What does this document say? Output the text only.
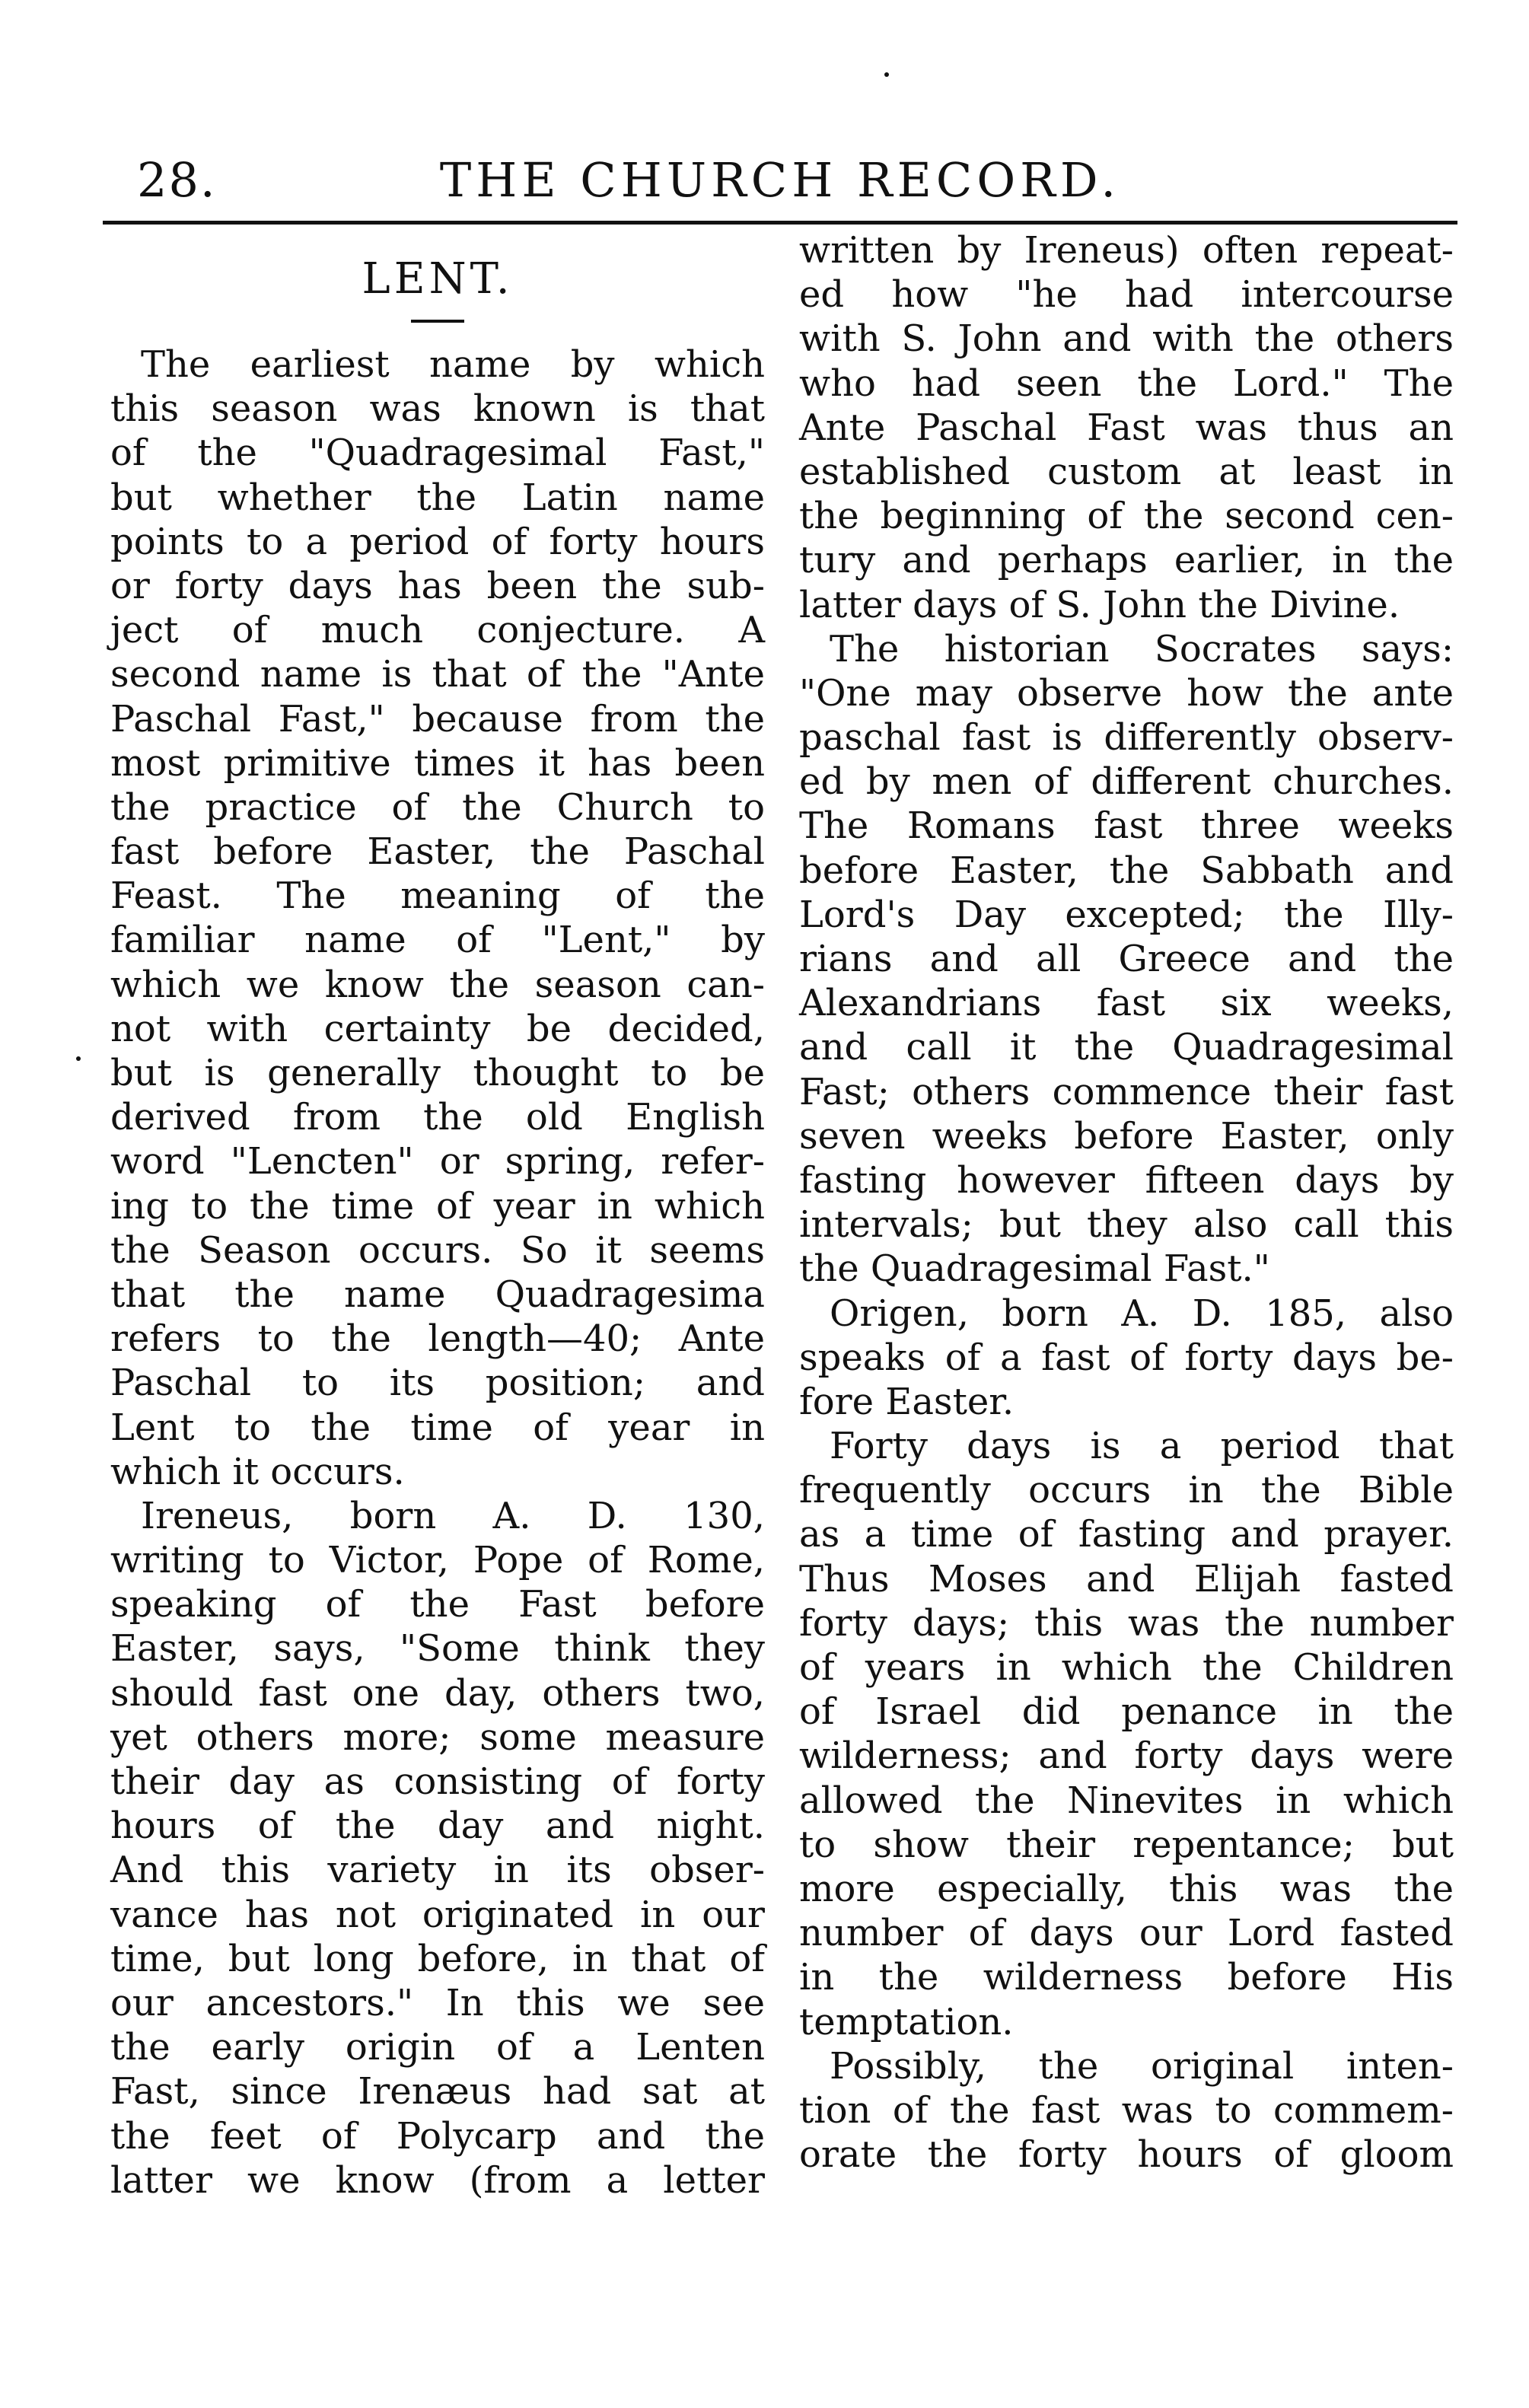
28.	THE CHURCH RECORD.
LENT.
The earliest name by which
this season was known is that
of the "Quadragesimal Fast,"
but whether the Latin name
points to a period of forty hours
or forty days has been the sub-
ject of much conjecture. A
second name is that of the "Ante
Paschal Fast," because from the
most primitive times it has been
the practice of the Church to
fast before Easter, the Paschal
Feast. The meaning of the
familiar name of "Lent," by
which we know the season can-
not with certainty be decided,
but is generally thought to be
derived from the old English
word "Lencten" or spring, refer-
ing to the time of year in which
the Season occurs. So it seems
that the name Quadragesima
refers to the length—40; Ante
Paschal to its position; and
Lent to the time of year in
which it occurs.
Ireneus, born A. D. 130,
writing to Victor, Pope of Rome,
speaking of the Fast before
Easter, says, "Some think they
should fast one day, others two,
yet others more; some measure
their day as consisting of forty
hours of the day and night.
And this variety in its obser-
vance has not originated in our
time, but long before, in that of
our ancestors." In this we see
the early origin of a Lenten
Fast, since Irenæus had sat at
the feet of Polycarp and the
latter we know (from a letter
written by Ireneus) often repeat-
ed how "he had intercourse
with S. John and with the others
who had seen the Lord." The
Ante Paschal Fast was thus an
established custom at least in
the beginning of the second cen-
tury and perhaps earlier, in the
latter days of S. John the Divine.
The historian Socrates says:
"One may observe how the ante
paschal fast is differently observ-
ed by men of different churches.
The Romans fast three weeks
before Easter, the Sabbath and
Lord's Day excepted; the Illy-
rians and all Greece and the
Alexandrians fast six weeks,
and call it the Quadragesimal
Fast; others commence their fast
seven weeks before Easter, only
fasting however fifteen days by
intervals; but they also call this
the Quadragesimal Fast."
Origen, born A. D. 185, also
speaks of a fast of forty days be-
fore Easter.
Forty days is a period that
frequently occurs in the Bible
as a time of fasting and prayer.
Thus Moses and Elijah fasted
forty days; this was the number
of years in which the Children
of Israel did penance in the
wilderness; and forty days were
allowed the Ninevites in which
to show their repentance; but
more especially, this was the
number of days our Lord fasted
in the wilderness before His
temptation.
Possibly, the original inten-
tion of the fast was to commem-
orate the forty hours of gloom
